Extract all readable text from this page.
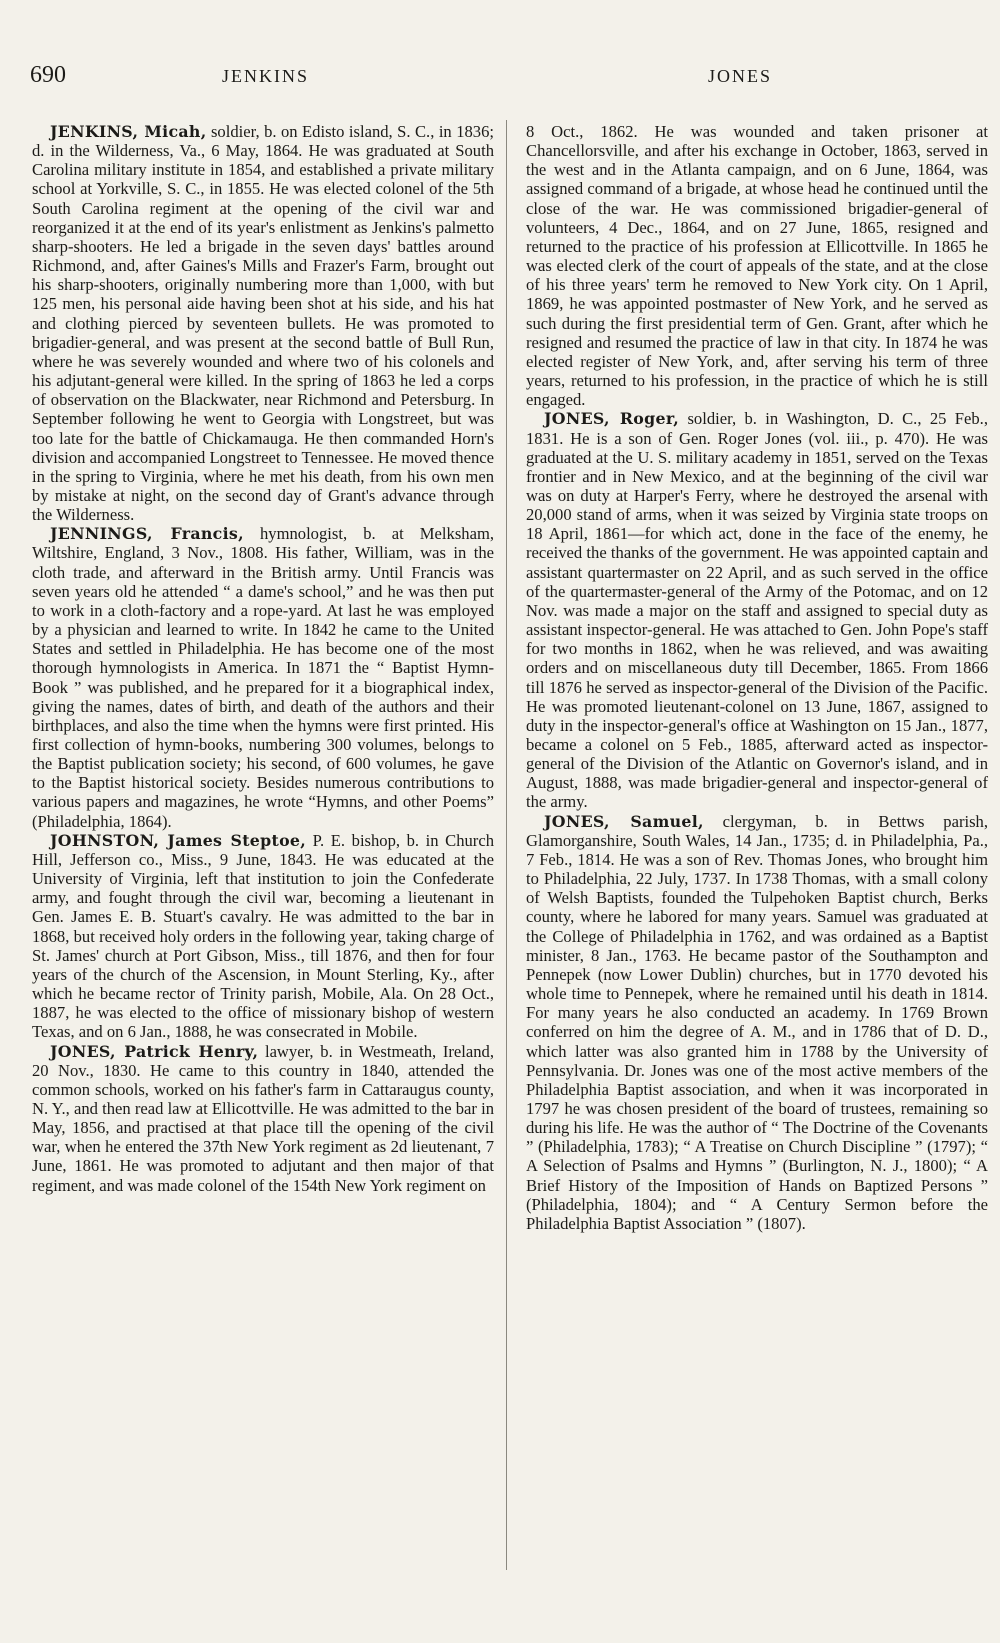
690	JENKINS	JONES

JENKINS, Micah, soldier, b. on Edisto island, S. C., in 1836; d. in the Wilderness, Va., 6 May, 1864. He was graduated at South Carolina military institute in 1854, and established a private military school at Yorkville, S. C., in 1855. He was elected colonel of the 5th South Carolina regiment at the opening of the civil war and reorganized it at the end of its year's enlistment as Jenkins's palmetto sharp-shooters. He led a brigade in the seven days' battles around Richmond, and, after Gaines's Mills and Frazer's Farm, brought out his sharp-shooters, originally numbering more than 1,000, with but 125 men, his personal aide having been shot at his side, and his hat and clothing pierced by seventeen bullets. He was promoted to brigadier-general, and was present at the second battle of Bull Run, where he was severely wounded and where two of his colonels and his adjutant-general were killed. In the spring of 1863 he led a corps of observation on the Blackwater, near Richmond and Petersburg. In September following he went to Georgia with Longstreet, but was too late for the battle of Chickamauga. He then commanded Horn's division and accompanied Longstreet to Tennessee. He moved thence in the spring to Virginia, where he met his death, from his own men by mistake at night, on the second day of Grant's advance through the Wilderness.

JENNINGS, Francis, hymnologist, b. at Melksham, Wiltshire, England, 3 Nov., 1808. His father, William, was in the cloth trade, and afterward in the British army. Until Francis was seven years old he attended “ a dame's school,” and he was then put to work in a cloth-factory and a rope-yard. At last he was employed by a physician and learned to write. In 1842 he came to the United States and settled in Philadelphia. He has become one of the most thorough hymnologists in America. In 1871 the “ Baptist Hymn-Book ” was published, and he prepared for it a biographical index, giving the names, dates of birth, and death of the authors and their birthplaces, and also the time when the hymns were first printed. His first collection of hymn-books, numbering 300 volumes, belongs to the Baptist publication society; his second, of 600 volumes, he gave to the Baptist historical society. Besides numerous contributions to various papers and magazines, he wrote “Hymns, and other Poems” (Philadelphia, 1864).

JOHNSTON, James Steptoe, P. E. bishop, b. in Church Hill, Jefferson co., Miss., 9 June, 1843. He was educated at the University of Virginia, left that institution to join the Confederate army, and fought through the civil war, becoming a lieutenant in Gen. James E. B. Stuart's cavalry. He was admitted to the bar in 1868, but received holy orders in the following year, taking charge of St. James' church at Port Gibson, Miss., till 1876, and then for four years of the church of the Ascension, in Mount Sterling, Ky., after which he became rector of Trinity parish, Mobile, Ala. On 28 Oct., 1887, he was elected to the office of missionary bishop of western Texas, and on 6 Jan., 1888, he was consecrated in Mobile.

JONES, Patrick Henry, lawyer, b. in Westmeath, Ireland, 20 Nov., 1830. He came to this country in 1840, attended the common schools, worked on his father's farm in Cattaraugus county, N. Y., and then read law at Ellicottville. He was admitted to the bar in May, 1856, and practised at that place till the opening of the civil war, when he entered the 37th New York regiment as 2d lieutenant, 7 June, 1861. He was promoted to adjutant and then major of that regiment, and was made colonel of the 154th New York regiment on

8 Oct., 1862. He was wounded and taken prisoner at Chancellorsville, and after his exchange in October, 1863, served in the west and in the Atlanta campaign, and on 6 June, 1864, was assigned command of a brigade, at whose head he continued until the close of the war. He was commissioned brigadier-general of volunteers, 4 Dec., 1864, and on 27 June, 1865, resigned and returned to the practice of his profession at Ellicottville. In 1865 he was elected clerk of the court of appeals of the state, and at the close of his three years' term he removed to New York city. On 1 April, 1869, he was appointed postmaster of New York, and he served as such during the first presidential term of Gen. Grant, after which he resigned and resumed the practice of law in that city. In 1874 he was elected register of New York, and, after serving his term of three years, returned to his profession, in the practice of which he is still engaged.

JONES, Roger, soldier, b. in Washington, D. C., 25 Feb., 1831. He is a son of Gen. Roger Jones (vol. iii., p. 470). He was graduated at the U. S. military academy in 1851, served on the Texas frontier and in New Mexico, and at the beginning of the civil war was on duty at Harper's Ferry, where he destroyed the arsenal with 20,000 stand of arms, when it was seized by Virginia state troops on 18 April, 1861—for which act, done in the face of the enemy, he received the thanks of the government. He was appointed captain and assistant quartermaster on 22 April, and as such served in the office of the quartermaster-general of the Army of the Potomac, and on 12 Nov. was made a major on the staff and assigned to special duty as assistant inspector-general. He was attached to Gen. John Pope's staff for two months in 1862, when he was relieved, and was awaiting orders and on miscellaneous duty till December, 1865. From 1866 till 1876 he served as inspector-general of the Division of the Pacific. He was promoted lieutenant-colonel on 13 June, 1867, assigned to duty in the inspector-general's office at Washington on 15 Jan., 1877, became a colonel on 5 Feb., 1885, afterward acted as inspector-general of the Division of the Atlantic on Governor's island, and in August, 1888, was made brigadier-general and inspector-general of the army.

JONES, Samuel, clergyman, b. in Bettws parish, Glamorganshire, South Wales, 14 Jan., 1735; d. in Philadelphia, Pa., 7 Feb., 1814. He was a son of Rev. Thomas Jones, who brought him to Philadelphia, 22 July, 1737. In 1738 Thomas, with a small colony of Welsh Baptists, founded the Tulpehoken Baptist church, Berks county, where he labored for many years. Samuel was graduated at the College of Philadelphia in 1762, and was ordained as a Baptist minister, 8 Jan., 1763. He became pastor of the Southampton and Pennepek (now Lower Dublin) churches, but in 1770 devoted his whole time to Pennepek, where he remained until his death in 1814. For many years he also conducted an academy. In 1769 Brown conferred on him the degree of A. M., and in 1786 that of D. D., which latter was also granted him in 1788 by the University of Pennsylvania. Dr. Jones was one of the most active members of the Philadelphia Baptist association, and when it was incorporated in 1797 he was chosen president of the board of trustees, remaining so during his life. He was the author of “ The Doctrine of the Covenants ” (Philadelphia, 1783); “ A Treatise on Church Discipline ” (1797); “ A Selection of Psalms and Hymns ” (Burlington, N. J., 1800); “ A Brief History of the Imposition of Hands on Baptized Persons ” (Philadelphia, 1804); and “ A Century Sermon before the Philadelphia Baptist Association ” (1807).
